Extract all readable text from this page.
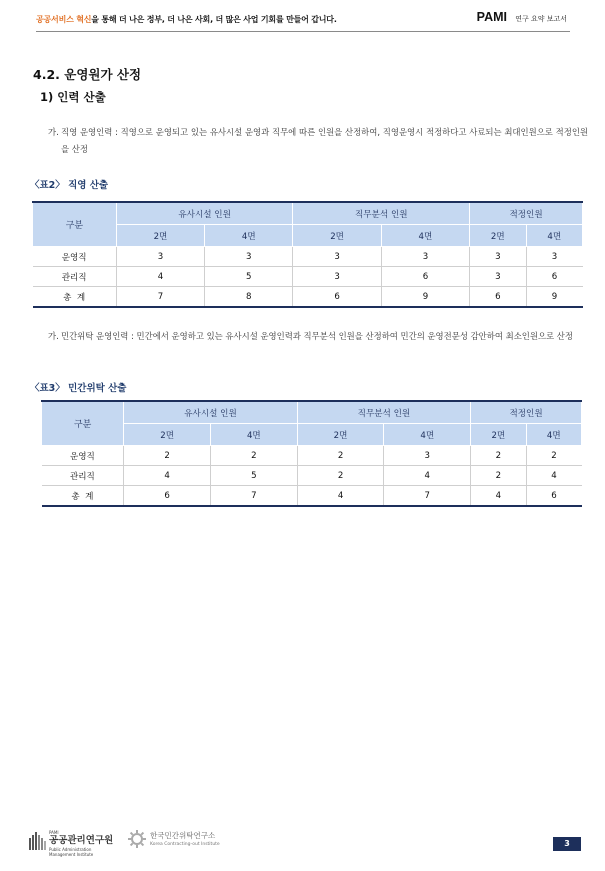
공공서비스 혁신을 통해 더 나은 정부, 더 나은 사회, 더 많은 사업 기회를 만들어 갑니다.	PAMI 연구 요약 보고서
4.2. 운영원가 산정
1) 인력 산출
가. 직영 운영인력 : 직영으로 운영되고 있는 유사시설 운영과 직무에 따른 인원을 산정하여, 직영운영시 적정하다고 사료되는 최대인원으로 적정인원을 산정
〈표2〉 직영 산출
구분	유사시설 인원		직무분석 인원		적정인원	
	2면	4면	2면	4면	2면	4면
운영직	3	3	3	3	3	3
관리직	4	5	3	6	3	6
총  계	7	8	6	9	6	9
가. 민간위탁 운영인력 : 민간에서 운영하고 있는 유사시설 운영인력과 직무분석 인원을 산정하여 민간의 운영전문성 감안하여 최소인원으로 산정
〈표3〉 민간위탁 산출
구분	유사시설 인원		직무분석 인원		적정인원	
	2면	4면	2면	4면	2면	4면
운영직	2	2	2	3	2	2
관리직	4	5	2	4	2	4
총  계	6	7	4	7	4	6
PAMI
공공관리연구원
Public Administration Management Institute
한국민간위탁연구소
Korea Contracting-out Institute	3
